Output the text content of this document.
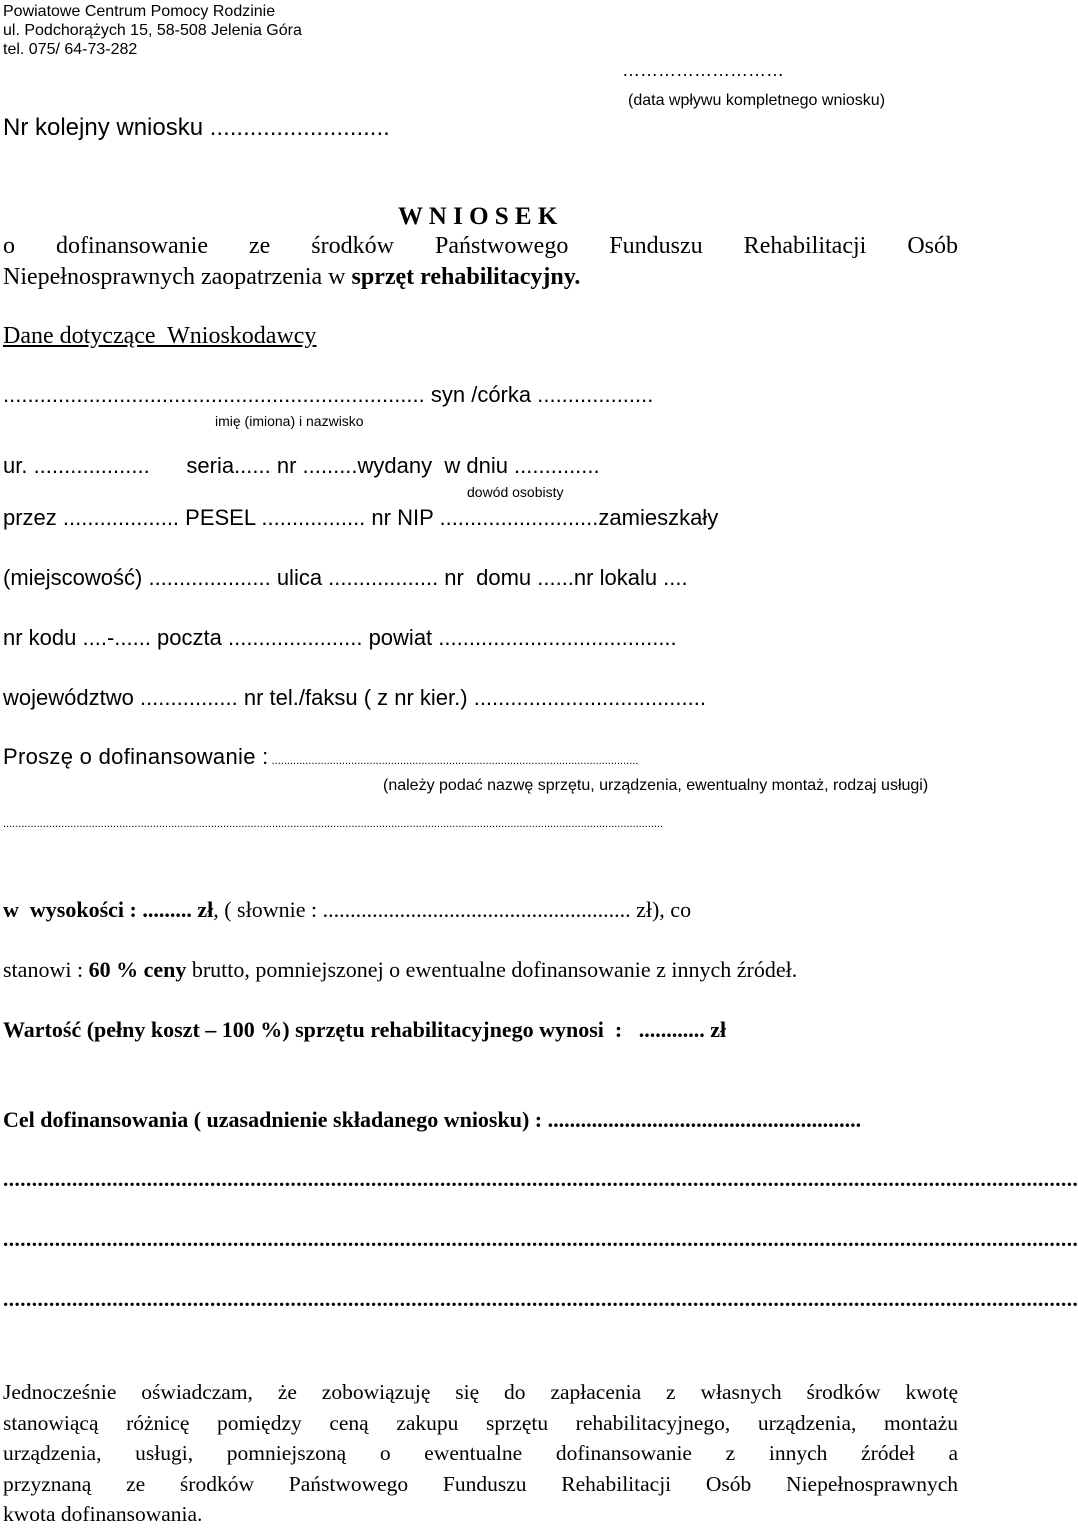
Powiatowe Centrum Pomocy Rodzinie
ul. Podchorążych 15, 58-508 Jelenia Góra
tel. 075/ 64-73-282
………………………
(data wpływu kompletnego wniosku)
Nr kolejny wniosku ...........................
W N I O S E K
o dofinansowanie ze środków Państwowego Funduszu Rehabilitacji Osób
Niepełnosprawnych zaopatrzenia w sprzęt rehabilitacyjny.
Dane dotyczące  Wnioskodawcy
..................................................................... syn /córka ...................
imię (imiona) i nazwisko
ur. ...................      seria...... nr .........wydany  w dniu ..............
dowód osobisty
przez ................... PESEL ................. nr NIP ..........................zamieszkały
(miejscowość) .................... ulica .................. nr  domu ......nr lokalu ....
nr kodu ....-...... poczta ...................... powiat .......................................
województwo ................ nr tel./faksu ( z nr kier.) ......................................
Proszę o dofinansowanie : ........................................................................................................................
(należy podać nazwę sprzętu, urządzenia, ewentualny montaż, rodzaj usługi)
........................................................................................................................................................................................................................
w  wysokości : ......... zł, ( słownie : ........................................................ zł), co
stanowi : 60 % ceny brutto, pomniejszonej o ewentualne dofinansowanie z innych źródeł.
Wartość (pełny koszt – 100 %) sprzętu rehabilitacyjnego wynosi  :   ............ zł
Cel dofinansowania ( uzasadnienie składanego wniosku) : .........................................................
...........................................................................................................................................................................................
...........................................................................................................................................................................................
...........................................................................................................................................................................................
Jednocześnie oświadczam, że zobowiązuję się do zapłacenia z własnych środków kwotę
stanowiącą różnicę pomiędzy ceną zakupu sprzętu rehabilitacyjnego, urządzenia, montażu
urządzenia, usługi, pomniejszoną o ewentualne dofinansowanie z innych źródeł a
przyznaną ze środków Państwowego Funduszu Rehabilitacji Osób Niepełnosprawnych
kwota dofinansowania.
